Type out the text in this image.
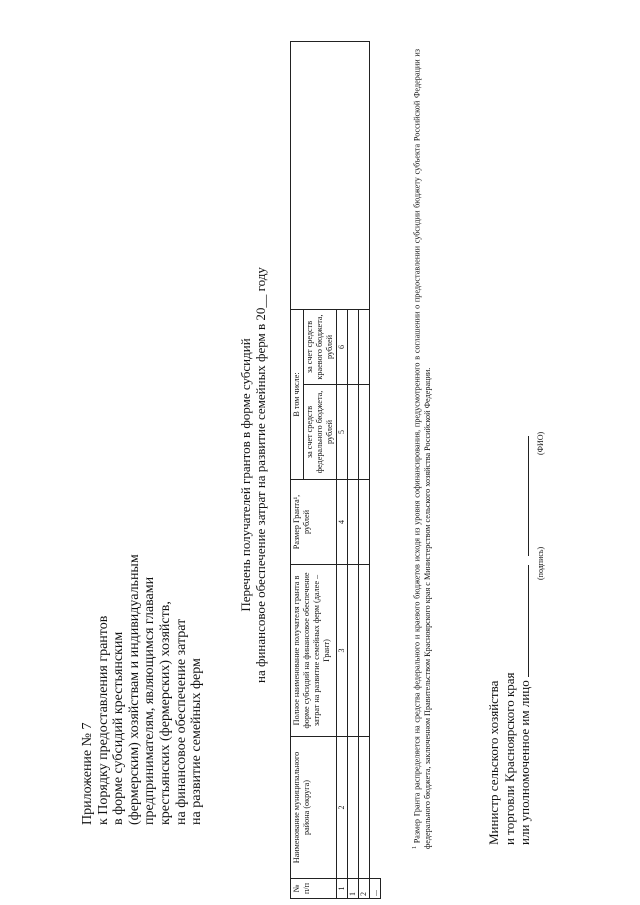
Приложение № 7 к Порядку предоставления грантов в форме субсидий крестьянским (фермерским) хозяйствам и индивидуальным предпринимателям, являющимся главами крестьянских (фермерских) хозяйств, на финансовое обеспечение затрат на развитие семейных ферм
Перечень получателей грантов в форме субсидий на финансовое обеспечение затрат на развитие семейных ферм в 20__ году
№ п/п	Наименование муниципального района (округа)	Полное наименование получателя гранта в форме субсидий на финансовое обеспечение затрат на развитие семейных ферм (далее – Грант)	Размер Гранта¹, рублей	В том числе:		
				за счет средств федерального бюджета, рублей	за счет средств краевого бюджета, рублей	
1	2	3	4	5	6	
1						
2						
...						
$^1$ Размер Гранта распределяется на средства федерального и краевого бюджетов исходя из уровня софинансирования, предусмотренного в соглашении о предоставлении субсидии бюджету субъекта Российской Федерации из федерального бюджета, заключенном Правительством Красноярского края с Министерством сельского хозяйства Российской Федерации.	Министр сельского хозяйства и торговли Красноярского края или уполномоченное им лицо
(подпись)
(ФИО)
